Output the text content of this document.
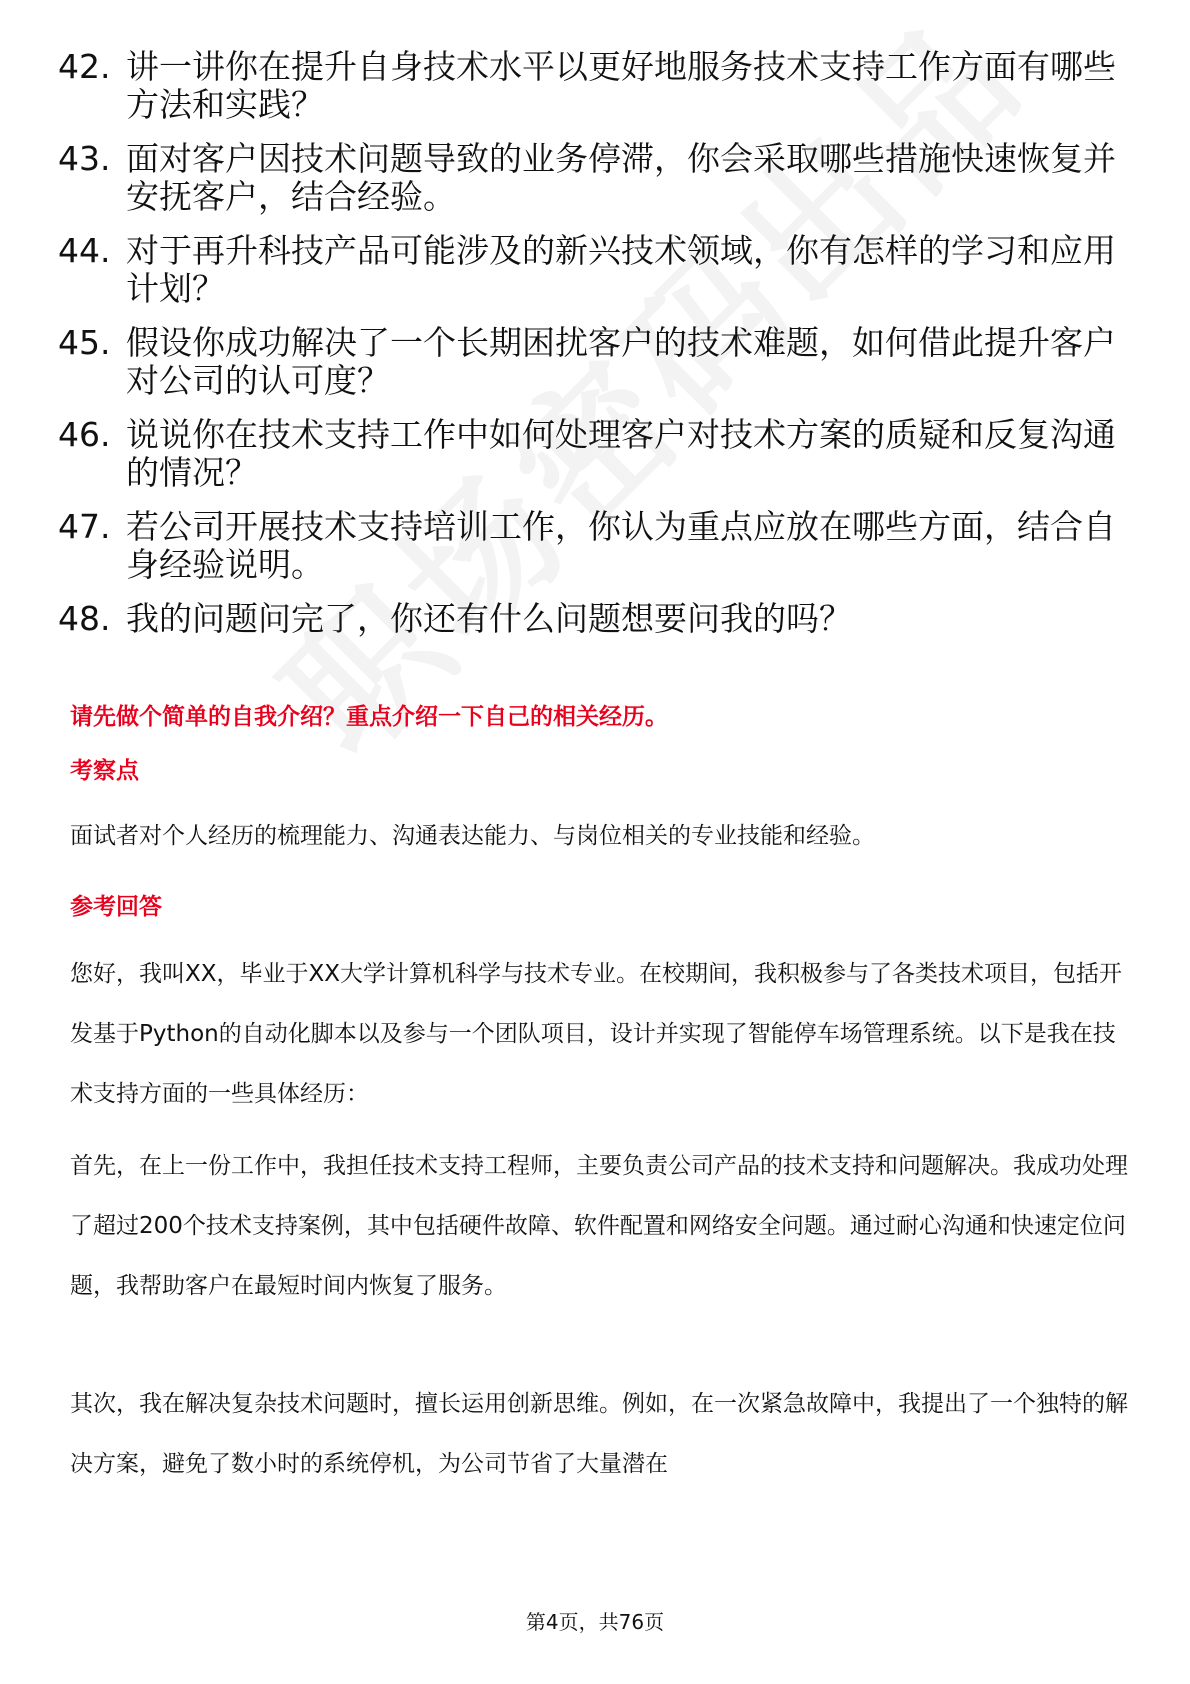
42. 讲一讲你在提升自身技术水平以更好地服务技术支持工作方面有哪些方法和实践？
43. 面对客户因技术问题导致的业务停滞，你会采取哪些措施快速恢复并安抚客户，结合经验。
44. 对于再升科技产品可能涉及的新兴技术领域，你有怎样的学习和应用计划？
45. 假设你成功解决了一个长期困扰客户的技术难题，如何借此提升客户对公司的认可度？
46. 说说你在技术支持工作中如何处理客户对技术方案的质疑和反复沟通的情况？
47. 若公司开展技术支持培训工作，你认为重点应放在哪些方面，结合自身经验说明。
48. 我的问题问完了，你还有什么问题想要问我的吗？
请先做个简单的自我介绍？重点介绍一下自己的相关经历。
考察点
面试者对个人经历的梳理能力、沟通表达能力、与岗位相关的专业技能和经验。
参考回答
您好，我叫XX，毕业于XX大学计算机科学与技术专业。在校期间，我积极参与了各类技术项目，包括开发基于Python的自动化脚本以及参与一个团队项目，设计并实现了智能停车场管理系统。以下是我在技术支持方面的一些具体经历：
首先，在上一份工作中，我担任技术支持工程师，主要负责公司产品的技术支持和问题解决。我成功处理了超过200个技术支持案例，其中包括硬件故障、软件配置和网络安全问题。通过耐心沟通和快速定位问题，我帮助客户在最短时间内恢复了服务。
其次，我在解决复杂技术问题时，擅长运用创新思维。例如，在一次紧急故障中，我提出了一个独特的解决方案，避免了数小时的系统停机，为公司节省了大量潜在
第4页，共76页
